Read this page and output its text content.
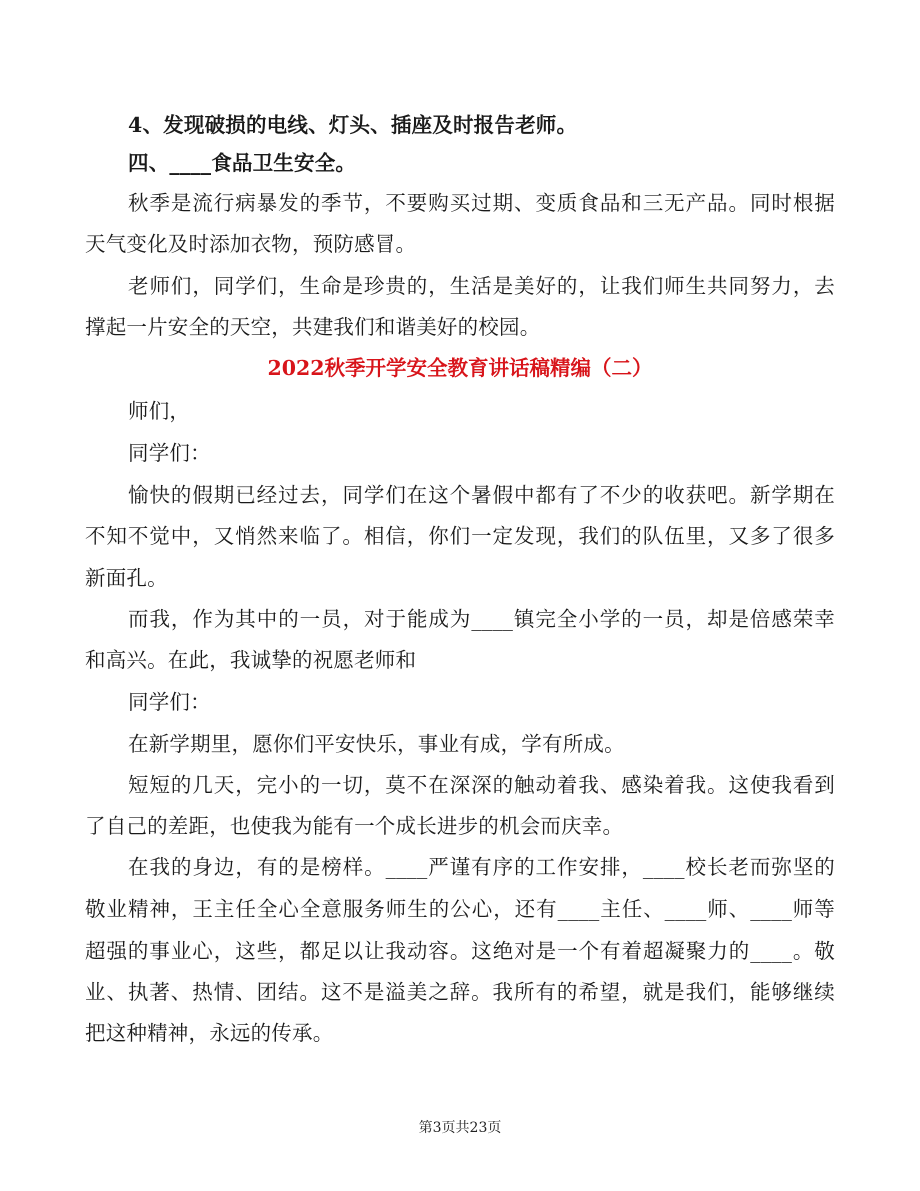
4、发现破损的电线、灯头、插座及时报告老师。
四、____食品卫生安全。
秋季是流行病暴发的季节，不要购买过期、变质食品和三无产品。同时根据
天气变化及时添加衣物，预防感冒。
老师们，同学们，生命是珍贵的，生活是美好的，让我们师生共同努力，去
撑起一片安全的天空，共建我们和谐美好的校园。
2022秋季开学安全教育讲话稿精编（二）
师们，
同学们：
愉快的假期已经过去，同学们在这个暑假中都有了不少的收获吧。新学期在
不知不觉中，又悄然来临了。相信，你们一定发现，我们的队伍里，又多了很多
新面孔。
而我，作为其中的一员，对于能成为____镇完全小学的一员，却是倍感荣幸
和高兴。在此，我诚挚的祝愿老师和
同学们：
在新学期里，愿你们平安快乐，事业有成，学有所成。
短短的几天，完小的一切，莫不在深深的触动着我、感染着我。这使我看到
了自己的差距，也使我为能有一个成长进步的机会而庆幸。
在我的身边，有的是榜样。____严谨有序的工作安排，____校长老而弥坚的
敬业精神，王主任全心全意服务师生的公心，还有____主任、____师、____师等
超强的事业心，这些，都足以让我动容。这绝对是一个有着超凝聚力的____。敬
业、执著、热情、团结。这不是溢美之辞。我所有的希望，就是我们，能够继续
把这种精神，永远的传承。
第3页共23页
